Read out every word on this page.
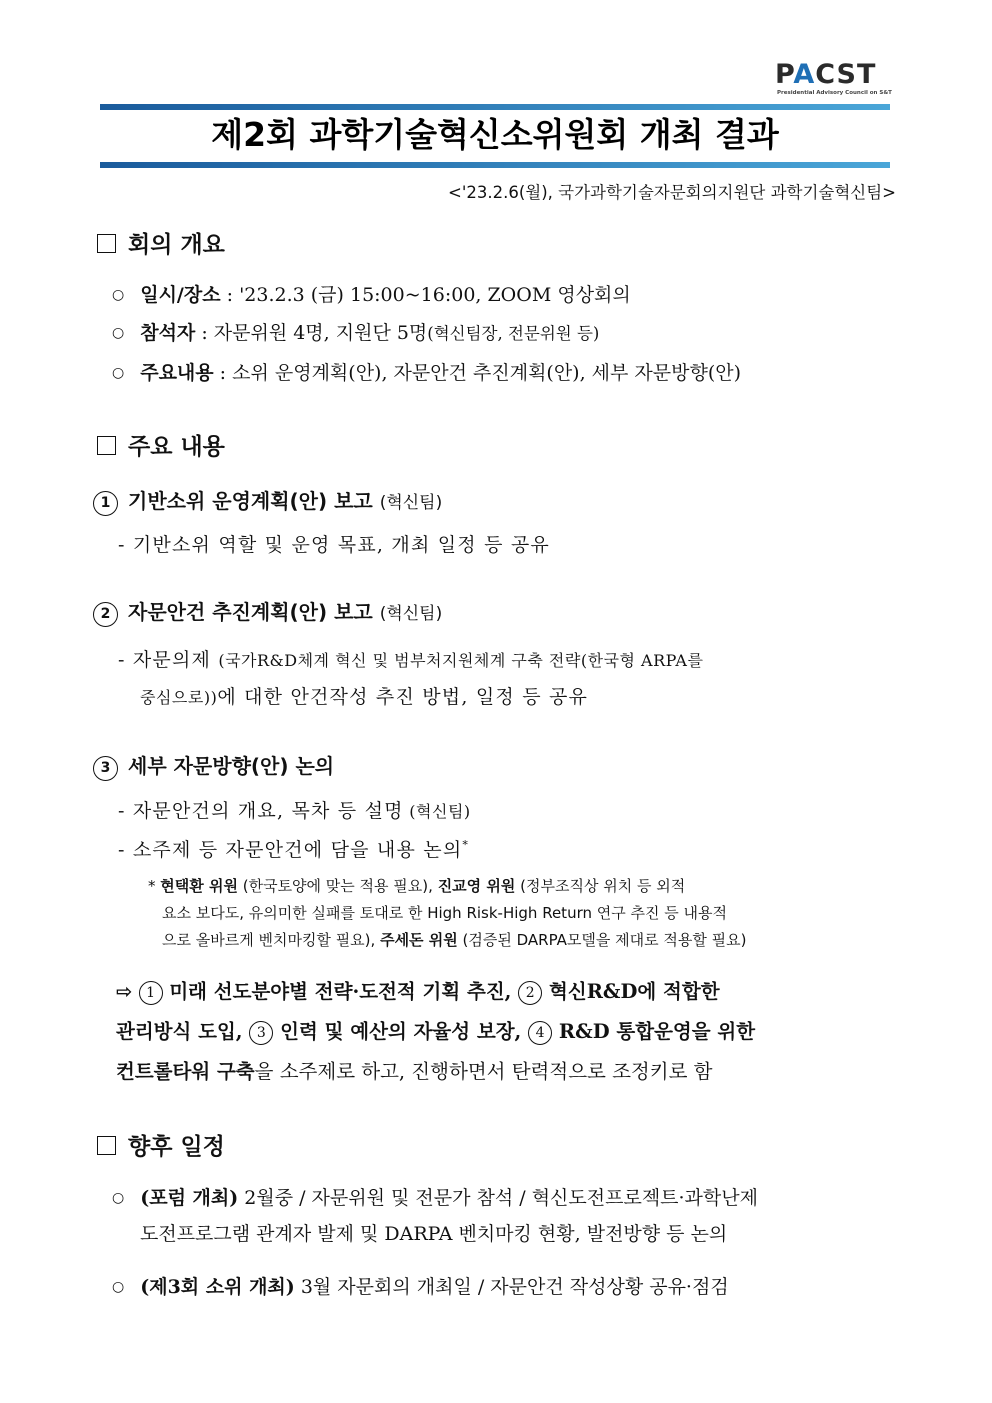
PACST
Presidential Advisory Council on S&T
제2회 과학기술혁신소위원회 개최 결과
<'23.2.6(월), 국가과학기술자문회의지원단 과학기술혁신팀>
회의 개요
○ 일시/장소 : '23.2.3 (금) 15:00~16:00, ZOOM 영상회의
○ 참석자 : 자문위원 4명, 지원단 5명(혁신팀장, 전문위원 등)
○ 주요내용 : 소위 운영계획(안), 자문안건 추진계획(안), 세부 자문방향(안)
주요 내용
1 기반소위 운영계획(안) 보고 (혁신팀)
- 기반소위 역할 및 운영 목표, 개최 일정 등 공유
2 자문안건 추진계획(안) 보고 (혁신팀)
- 자문의제 (국가R&D체계 혁신 및 범부처지원체계 구축 전략(한국형 ARPA를
중심으로))에 대한 안건작성 추진 방법, 일정 등 공유
3 세부 자문방향(안) 논의
- 자문안건의 개요, 목차 등 설명 (혁신팀)
- 소주제 등 자문안건에 담을 내용 논의*
* 현택환 위원 (한국토양에 맞는 적용 필요), 진교영 위원 (정부조직상 위치 등 외적
요소 보다도, 유의미한 실패를 토대로 한 High Risk-High Return 연구 추진 등 내용적
으로 올바르게 벤치마킹할 필요), 주세돈 위원 (검증된 DARPA모델을 제대로 적용할 필요)
⇨ 1 미래 선도분야별 전략·도전적 기획 추진, 2 혁신R&D에 적합한
관리방식 도입, 3 인력 및 예산의 자율성 보장, 4 R&D 통합운영을 위한
컨트롤타워 구축을 소주제로 하고, 진행하면서 탄력적으로 조정키로 함
향후 일정
○ (포럼 개최) 2월중 / 자문위원 및 전문가 참석 / 혁신도전프로젝트·과학난제
도전프로그램 관계자 발제 및 DARPA 벤치마킹 현황, 발전방향 등 논의
○ (제3회 소위 개최) 3월 자문회의 개최일 / 자문안건 작성상황 공유·점검
